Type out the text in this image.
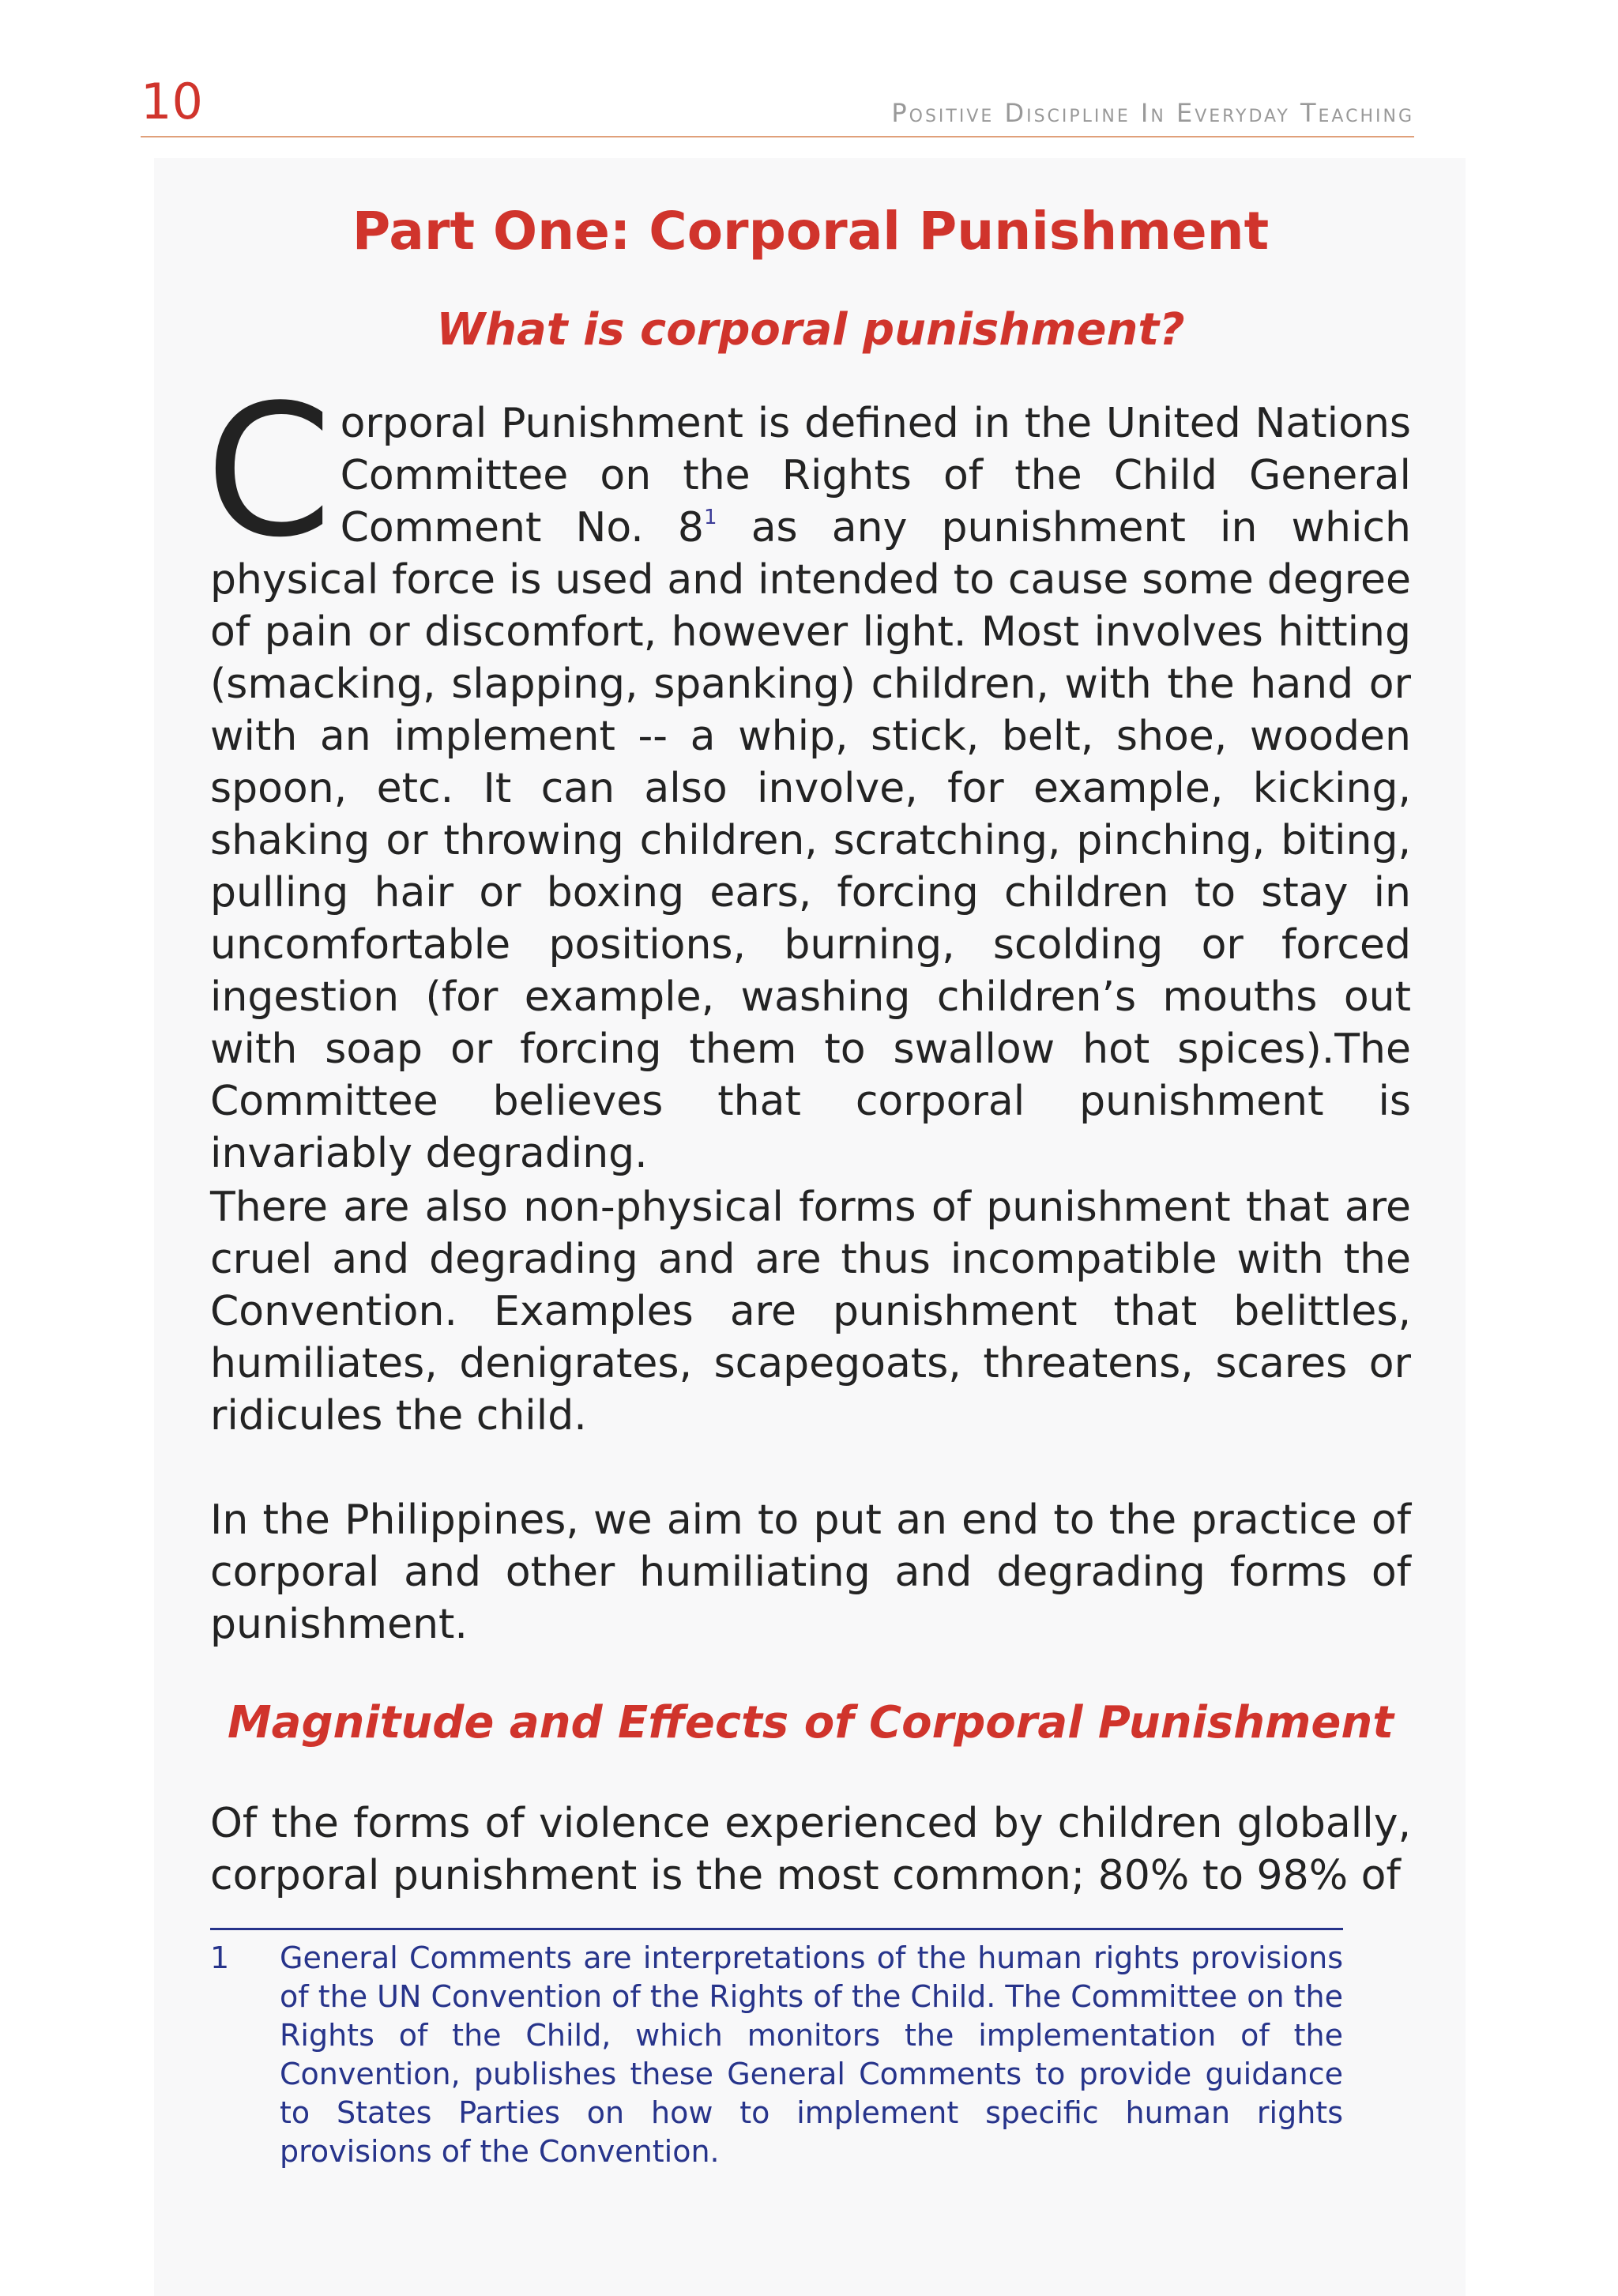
10	Positive Discipline In Everyday Teaching
Part One: Corporal Punishment
What is corporal punishment?

Corporal Punishment is defined in the United Nations Committee on the Rights of the Child General Comment No. 8$^1$ as any punishment in which physical force is used and intended to cause some degree of pain or discomfort, however light. Most involves hitting (smacking, slapping, spanking) children, with the hand or with an implement -- a whip, stick, belt, shoe, wooden spoon, etc. It can also involve, for example, kicking, shaking or throwing children, scratching, pinching, biting, pulling hair or boxing ears, forcing children to stay in uncomfortable positions, burning, scolding or forced ingestion (for example, washing children’s mouths out with soap or forcing them to swallow hot spices).The Committee believes that corporal punishment is invariably degrading.

There are also non-physical forms of punishment that are cruel and degrading and are thus incompatible with the Convention. Examples are punishment that belittles, humiliates, denigrates, scapegoats, threatens, scares or ridicules the child.

In the Philippines, we aim to put an end to the practice of corporal and other humiliating and degrading forms of punishment.

Magnitude and Effects of Corporal Punishment

Of the forms of violence experienced by children globally, corporal punishment is the most common; 80% to 98% of

1 General Comments are interpretations of the human rights provisions of the UN Convention of the Rights of the Child. The Committee on the Rights of the Child, which monitors the implementation of the Convention, publishes these General Comments to provide guidance to States Parties on how to implement specific human rights provisions of the Convention.
